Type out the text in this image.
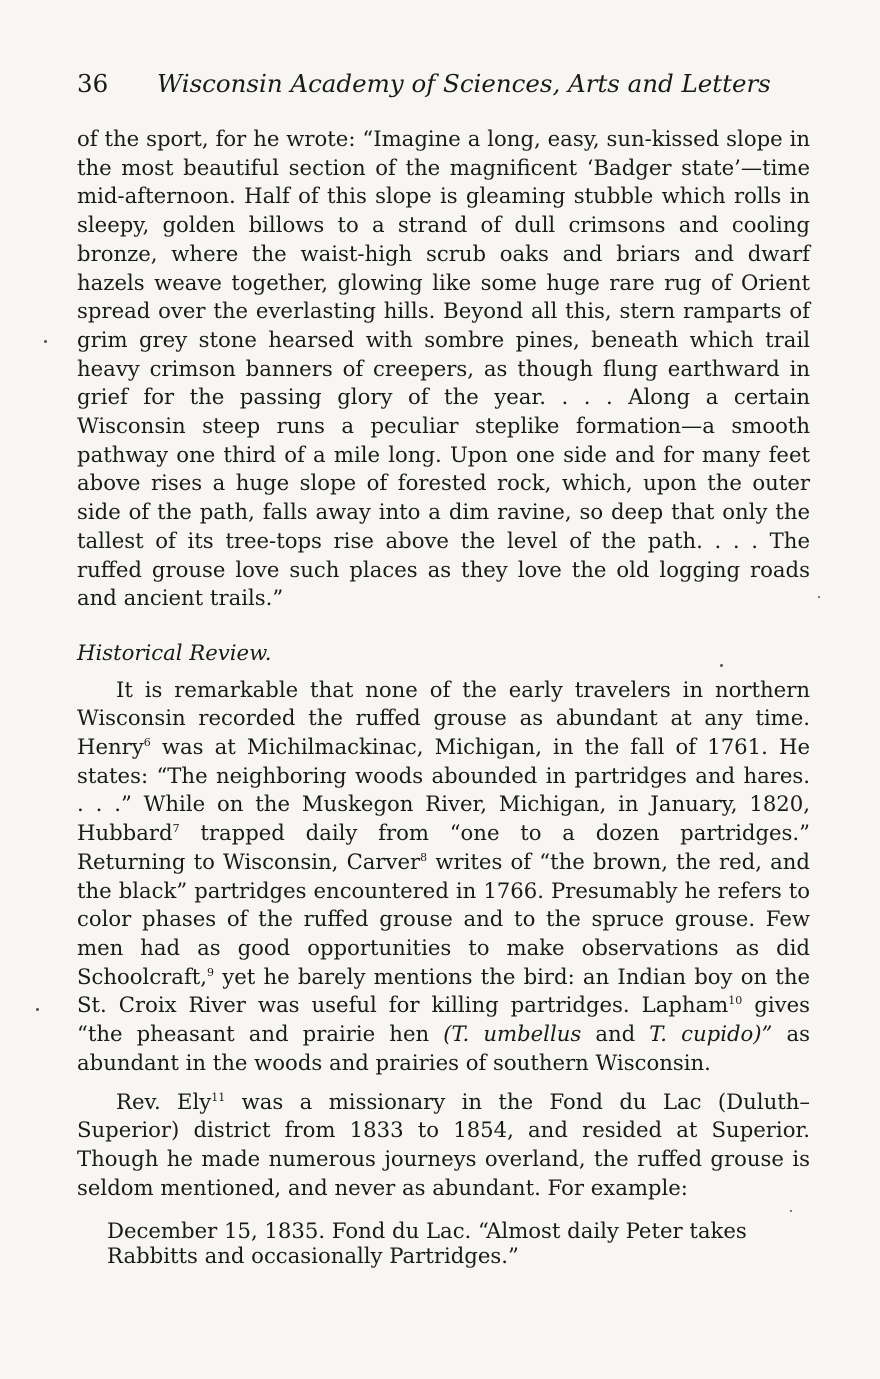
36 Wisconsin Academy of Sciences, Arts and Letters

of the sport, for he wrote: “Imagine a long, easy, sun-kissed slope in the most beautiful section of the magnificent ‘Badger state’—time mid-afternoon. Half of this slope is gleaming stubble which rolls in sleepy, golden billows to a strand of dull crimsons and cooling bronze, where the waist-high scrub oaks and briars and dwarf hazels weave together, glowing like some huge rare rug of Orient spread over the everlasting hills. Beyond all this, stern ramparts of grim grey stone hearsed with sombre pines, beneath which trail heavy crimson banners of creepers, as though flung earthward in grief for the passing glory of the year. . . . Along a certain Wisconsin steep runs a peculiar steplike formation—a smooth pathway one third of a mile long. Upon one side and for many feet above rises a huge slope of forested rock, which, upon the outer side of the path, falls away into a dim ravine, so deep that only the tallest of its tree-tops rise above the level of the path. . . . The ruffed grouse love such places as they love the old logging roads and ancient trails.”

Historical Review.

It is remarkable that none of the early travelers in northern Wisconsin recorded the ruffed grouse as abundant at any time. Henry$^6$ was at Michilmackinac, Michigan, in the fall of 1761. He states: “The neighboring woods abounded in partridges and hares. . . .” While on the Muskegon River, Michigan, in January, 1820, Hubbard$^7$ trapped daily from “one to a dozen partridges.” Returning to Wisconsin, Carver$^8$ writes of “the brown, the red, and the black” partridges encountered in 1766. Presumably he refers to color phases of the ruffed grouse and to the spruce grouse. Few men had as good opportunities to make observations as did Schoolcraft,$^9$ yet he barely mentions the bird: an Indian boy on the St. Croix River was useful for killing partridges. Lapham$^{10}$ gives “the pheasant and prairie hen (T. umbellus and T. cupido)” as abundant in the woods and prairies of southern Wisconsin.

Rev. Ely$^{11}$ was a missionary in the Fond du Lac (Duluth–Superior) district from 1833 to 1854, and resided at Superior. Though he made numerous journeys overland, the ruffed grouse is seldom mentioned, and never as abundant. For example:

December 15, 1835. Fond du Lac. “Almost daily Peter takes Rabbitts and occasionally Partridges.”
